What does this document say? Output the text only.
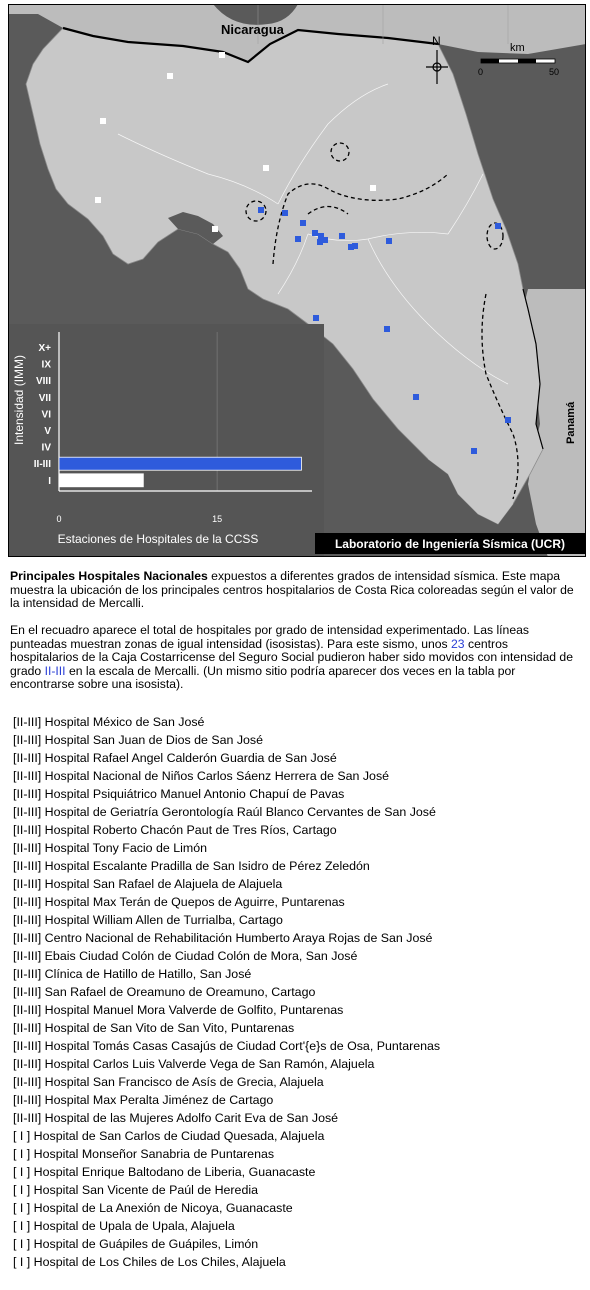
Nicaragua
Panamá
N	km
0	50
X+
IX
VIII
VII
VI
V
IV
II-III
I
0	15
Estaciones de Hospitales de la CCSS
Intensidad (IMM)
Laboratorio de Ingeniería Sísmica (UCR)

Principales Hospitales Nacionales expuestos a diferentes grados de intensidad sísmica. Este mapa muestra la ubicación de los principales centros hospitalarios de Costa Rica coloreadas según el valor de la intensidad de Mercalli.

En el recuadro aparece el total de hospitales por grado de intensidad experimentado. Las líneas punteadas muestran zonas de igual intensidad (isosistas). Para este sismo, unos 23 centros hospitalarios de la Caja Costarricense del Seguro Social pudieron haber sido movidos con intensidad de grado II-III en la escala de Mercalli. (Un mismo sitio podría aparecer dos veces en la tabla por encontrarse sobre una isosista).

[II-III] Hospital México de San José
[II-III] Hospital San Juan de Dios de San José
[II-III] Hospital Rafael Angel Calderón Guardia de San José
[II-III] Hospital Nacional de Niños Carlos Sáenz Herrera de San José
[II-III] Hospital Psiquiátrico Manuel Antonio Chapuí de Pavas
[II-III] Hospital de Geriatría Gerontología Raúl Blanco Cervantes de San José
[II-III] Hospital Roberto Chacón Paut de Tres Ríos, Cartago
[II-III] Hospital Tony Facio de Limón
[II-III] Hospital Escalante Pradilla de San Isidro de Pérez Zeledón
[II-III] Hospital San Rafael de Alajuela de Alajuela
[II-III] Hospital Max Terán de Quepos de Aguirre, Puntarenas
[II-III] Hospital William Allen de Turrialba, Cartago
[II-III] Centro Nacional de Rehabilitación Humberto Araya Rojas de San José
[II-III] Ebais Ciudad Colón de Ciudad Colón de Mora, San José
[II-III] Clínica de Hatillo de Hatillo, San José
[II-III] San Rafael de Oreamuno de Oreamuno, Cartago
[II-III] Hospital Manuel Mora Valverde de Golfito, Puntarenas
[II-III] Hospital de San Vito de San Vito, Puntarenas
[II-III] Hospital Tomás Casas Casajús de Ciudad Cort'{e}s de Osa, Puntarenas
[II-III] Hospital Carlos Luis Valverde Vega de San Ramón, Alajuela
[II-III] Hospital San Francisco de Asís de Grecia, Alajuela
[II-III] Hospital Max Peralta Jiménez de Cartago
[II-III] Hospital de las Mujeres Adolfo Carit Eva de San José
[ I ] Hospital de San Carlos de Ciudad Quesada, Alajuela
[ I ] Hospital Monseñor Sanabria de Puntarenas
[ I ] Hospital Enrique Baltodano de Liberia, Guanacaste
[ I ] Hospital San Vicente de Paúl de Heredia
[ I ] Hospital de La Anexión de Nicoya, Guanacaste
[ I ] Hospital de Upala de Upala, Alajuela
[ I ] Hospital de Guápiles de Guápiles, Limón
[ I ] Hospital de Los Chiles de Los Chiles, Alajuela
